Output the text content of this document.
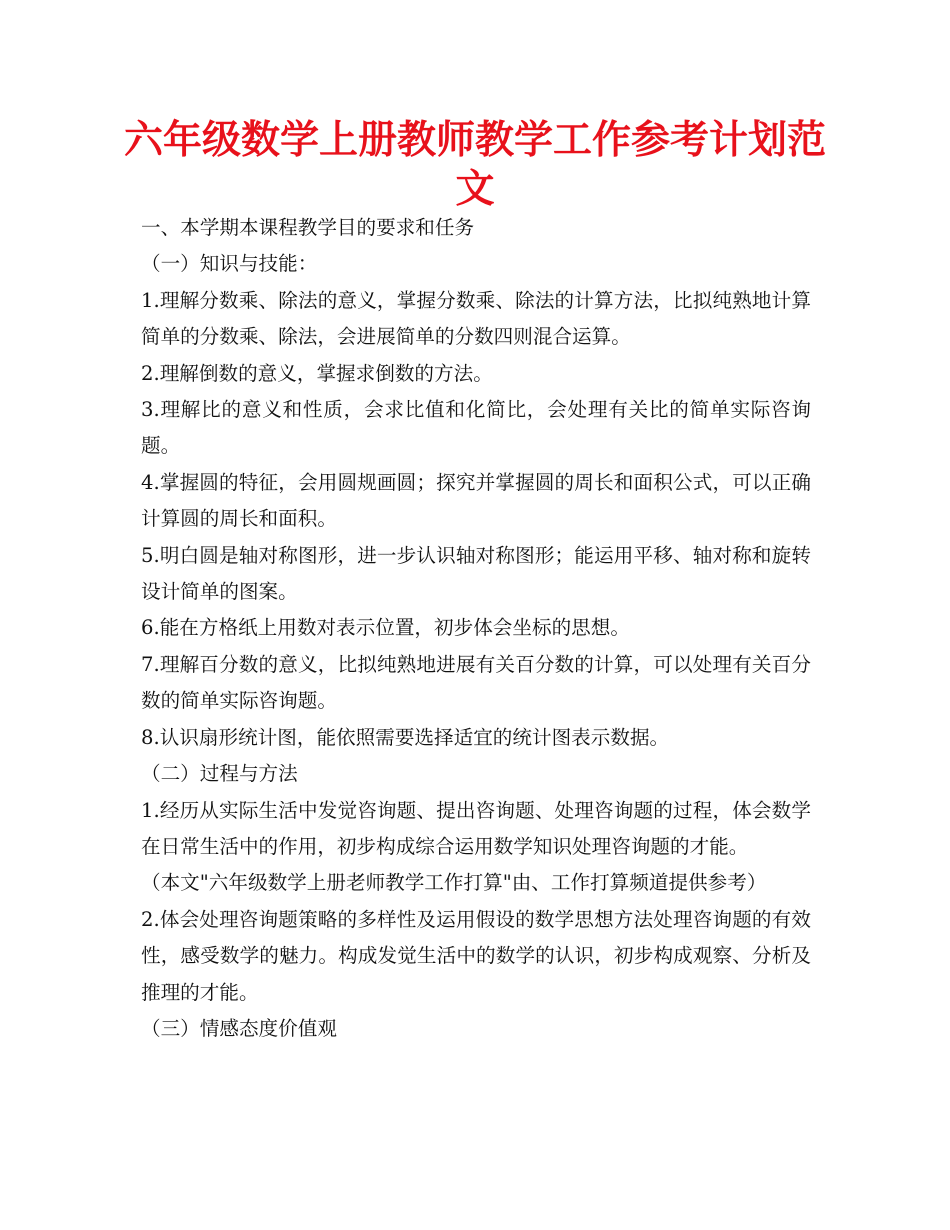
六年级数学上册教师教学工作参考计划范文

一、本学期本课程教学目的要求和任务

（一）知识与技能：

1.理解分数乘、除法的意义，掌握分数乘、除法的计算方法，比拟纯熟地计算简单的分数乘、除法，会进展简单的分数四则混合运算。

2.理解倒数的意义，掌握求倒数的方法。

3.理解比的意义和性质，会求比值和化简比，会处理有关比的简单实际咨询题。

4.掌握圆的特征，会用圆规画圆；探究并掌握圆的周长和面积公式，可以正确计算圆的周长和面积。

5.明白圆是轴对称图形，进一步认识轴对称图形；能运用平移、轴对称和旋转设计简单的图案。

6.能在方格纸上用数对表示位置，初步体会坐标的思想。

7.理解百分数的意义，比拟纯熟地进展有关百分数的计算，可以处理有关百分数的简单实际咨询题。

8.认识扇形统计图，能依照需要选择适宜的统计图表示数据。

（二）过程与方法

1.经历从实际生活中发觉咨询题、提出咨询题、处理咨询题的过程，体会数学在日常生活中的作用，初步构成综合运用数学知识处理咨询题的才能。

（本文"六年级数学上册老师教学工作打算"由、工作打算频道提供参考）

2.体会处理咨询题策略的多样性及运用假设的数学思想方法处理咨询题的有效性，感受数学的魅力。构成发觉生活中的数学的认识，初步构成观察、分析及推理的才能。

（三）情感态度价值观
